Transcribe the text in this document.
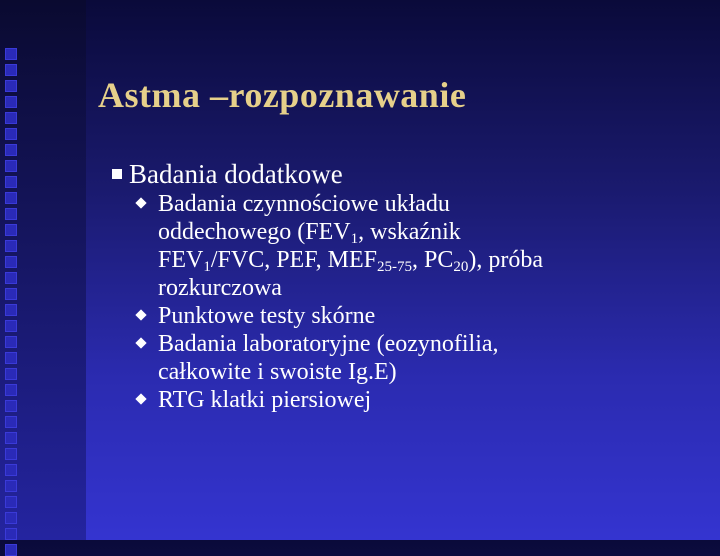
Astma –rozpoznawanie
Badania dodatkowe
Badania czynnościowe układu
oddechowego ($FEV_1$, wskaźnik
$FEV_1$/FVC, PEF, $MEF_{25-75}$, $PC_{20}$), próba
rozkurczowa
Punktowe testy skórne
Badania laboratoryjne (eozynofilia,
całkowite i swoiste Ig.E)
RTG klatki piersiowej
